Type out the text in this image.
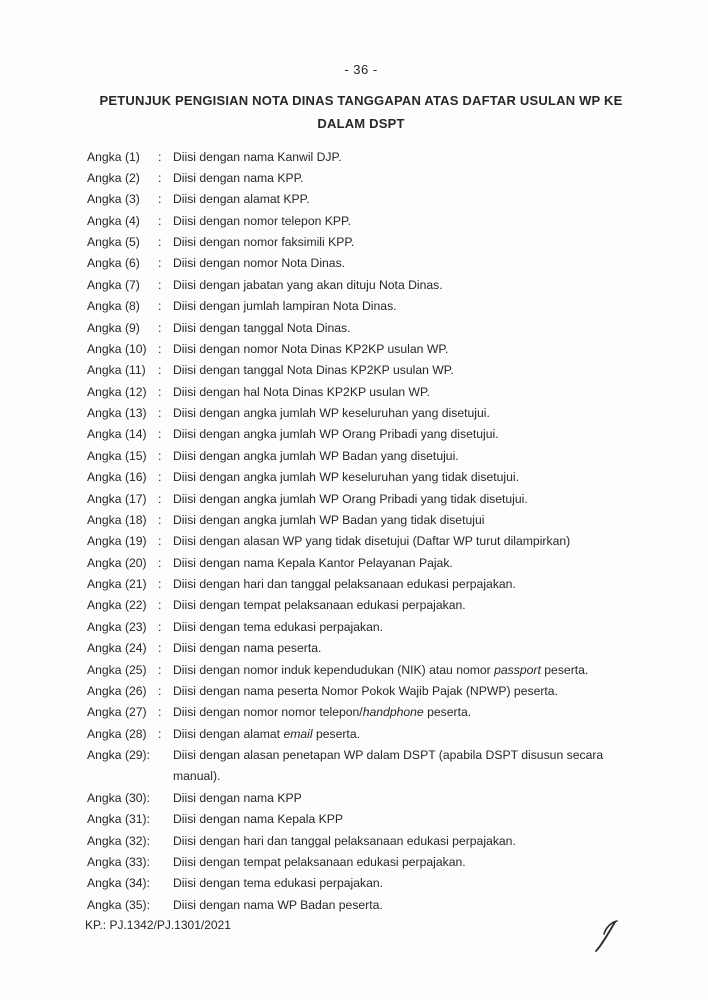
- 36 -
PETUNJUK PENGISIAN NOTA DINAS TANGGAPAN ATAS DAFTAR USULAN WP KE
DALAM DSPT
Angka (1)	: Diisi dengan nama Kanwil DJP.
Angka (2)	: Diisi dengan nama KPP.
Angka (3)	: Diisi dengan alamat KPP.
Angka (4)	: Diisi dengan nomor telepon KPP.
Angka (5)	: Diisi dengan nomor faksimili KPP.
Angka (6)	: Diisi dengan nomor Nota Dinas.
Angka (7)	: Diisi dengan jabatan yang akan dituju Nota Dinas.
Angka (8)	: Diisi dengan jumlah lampiran Nota Dinas.
Angka (9)	: Diisi dengan tanggal Nota Dinas.
Angka (10) : Diisi dengan nomor Nota Dinas KP2KP usulan WP.
Angka (11)	: Diisi dengan tanggal Nota Dinas KP2KP usulan WP.
Angka (12) : Diisi dengan hal Nota Dinas KP2KP usulan WP.
Angka (13) : Diisi dengan angka jumlah WP keseluruhan yang disetujui.
Angka (14) : Diisi dengan angka jumlah WP Orang Pribadi yang disetujui.
Angka (15) : Diisi dengan angka jumlah WP Badan yang disetujui.
Angka (16) : Diisi dengan angka jumlah WP keseluruhan yang tidak disetujui.
Angka (17) : Diisi dengan angka jumlah WP Orang Pribadi yang tidak disetujui.
Angka (18) : Diisi dengan angka jumlah WP Badan yang tidak disetujui
Angka (19) : Diisi dengan alasan WP yang tidak disetujui (Daftar WP turut dilampirkan)
Angka (20) : Diisi dengan nama Kepala Kantor Pelayanan Pajak.
Angka (21) : Diisi dengan hari dan tanggal pelaksanaan edukasi perpajakan.
Angka (22) : Diisi dengan tempat pelaksanaan edukasi perpajakan.
Angka (23) : Diisi dengan tema edukasi perpajakan.
Angka (24) : Diisi dengan nama peserta.
Angka (25) : Diisi dengan nomor induk kependudukan (NIK) atau nomor passport peserta.
Angka (26) : Diisi dengan nama peserta Nomor Pokok Wajib Pajak (NPWP) peserta.
Angka (27) : Diisi dengan nomor nomor telepon/handphone peserta.
Angka (28) : Diisi dengan alamat email peserta.
Angka (29):	Diisi dengan alasan penetapan WP dalam DSPT (apabila DSPT disusun secara
manual).
Angka (30):	Diisi dengan nama KPP
Angka (31):	Diisi dengan nama Kepala KPP
Angka (32):	Diisi dengan hari dan tanggal pelaksanaan edukasi perpajakan.
Angka (33):	Diisi dengan tempat pelaksanaan edukasi perpajakan.
Angka (34):	Diisi dengan tema edukasi perpajakan.
Angka (35):	Diisi dengan nama WP Badan peserta.
KP.: PJ.1342/PJ.1301/2021
